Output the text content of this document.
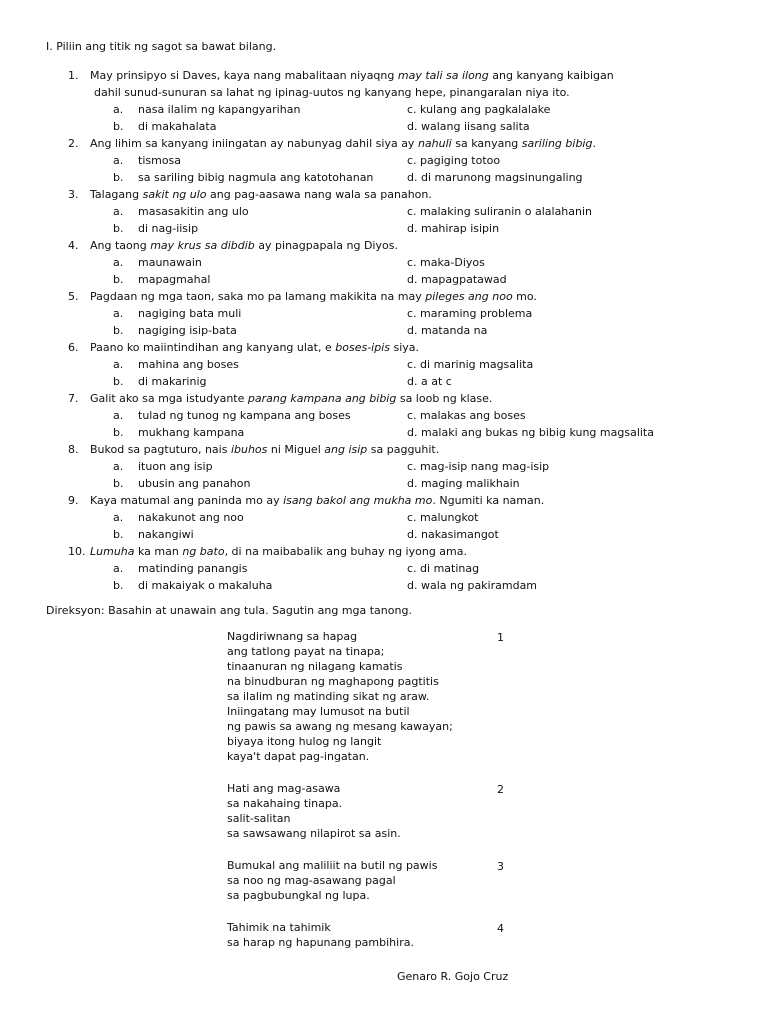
I. Piliin ang titik ng sagot sa bawat bilang.
1. May prinsipyo si Daves, kaya nang mabalitaan niyaqng may tali sa ilong ang kanyang kaibigan
dahil sunud-sunuran sa lahat ng ipinag-uutos ng kanyang hepe, pinangaralan niya ito.
a. nasa ilalim ng kapangyarihan
b. di makahalata
c. kulang ang pagkalalake
d. walang iisang salita
2. Ang lihim sa kanyang iniingatan ay nabunyag dahil siya ay nahuli sa kanyang sariling bibig.
a. tismosa
b. sa sariling bibig nagmula ang katotohanan
c. pagiging totoo
d. di marunong magsinungaling
3. Talagang sakit ng ulo ang pag-aasawa nang wala sa panahon.
a. masasakitin ang ulo
b. di nag-iisip
c. malaking suliranin o alalahanin
d. mahirap isipin
4. Ang taong may krus sa dibdib ay pinagpapala ng Diyos.
a. maunawain
b. mapagmahal
c. maka-Diyos
d. mapagpatawad
5. Pagdaan ng mga taon, saka mo pa lamang makikita na may pileges ang noo mo.
a. nagiging bata muli
b. nagiging isip-bata
c. maraming problema
d. matanda na
6. Paano ko maiintindihan ang kanyang ulat, e boses-ipis siya.
a. mahina ang boses
b. di makarinig
c. di marinig magsalita
d. a at c
7. Galit ako sa mga istudyante parang kampana ang bibig sa loob ng klase.
a. tulad ng tunog ng kampana ang boses
b. mukhang kampana
c. malakas ang boses
d. malaki ang bukas ng bibig kung magsalita
8. Bukod sa pagtuturo, nais ibuhos ni Miguel ang isip sa pagguhit.
a. ituon ang isip
b. ubusin ang panahon
c. mag-isip nang mag-isip
d. maging malikhain
9. Kaya matumal ang paninda mo ay isang bakol ang mukha mo. Ngumiti ka naman.
a. nakakunot ang noo
b. nakangiwi
c. malungkot
d. nakasimangot
10. Lumuha ka man ng bato, di na maibabalik ang buhay ng iyong ama.
a. matinding panangis
b. di makaiyak o makaluha
c. di matinag
d. wala ng pakiramdam
Direksyon: Basahin at unawain ang tula. Sagutin ang mga tanong.
1
Nagdiriwnang sa hapag
ang tatlong payat na tinapa;
tinaanuran ng nilagang kamatis
na binudburan ng maghapong pagtitis
sa ilalim ng matinding sikat ng araw.
Iniingatang may lumusot na butil
ng pawis sa awang ng mesang kawayan;
biyaya itong hulog ng langit
kaya't dapat pag-ingatan.
2
Hati ang mag-asawa
sa nakahaing tinapa.
salit-salitan
sa sawsawang nilapirot sa asin.
3
Bumukal ang maliliit na butil ng pawis
sa noo ng mag-asawang pagal
sa pagbubungkal ng lupa.
4
Tahimik na tahimik
sa harap ng hapunang pambihira.
Genaro R. Gojo Cruz
